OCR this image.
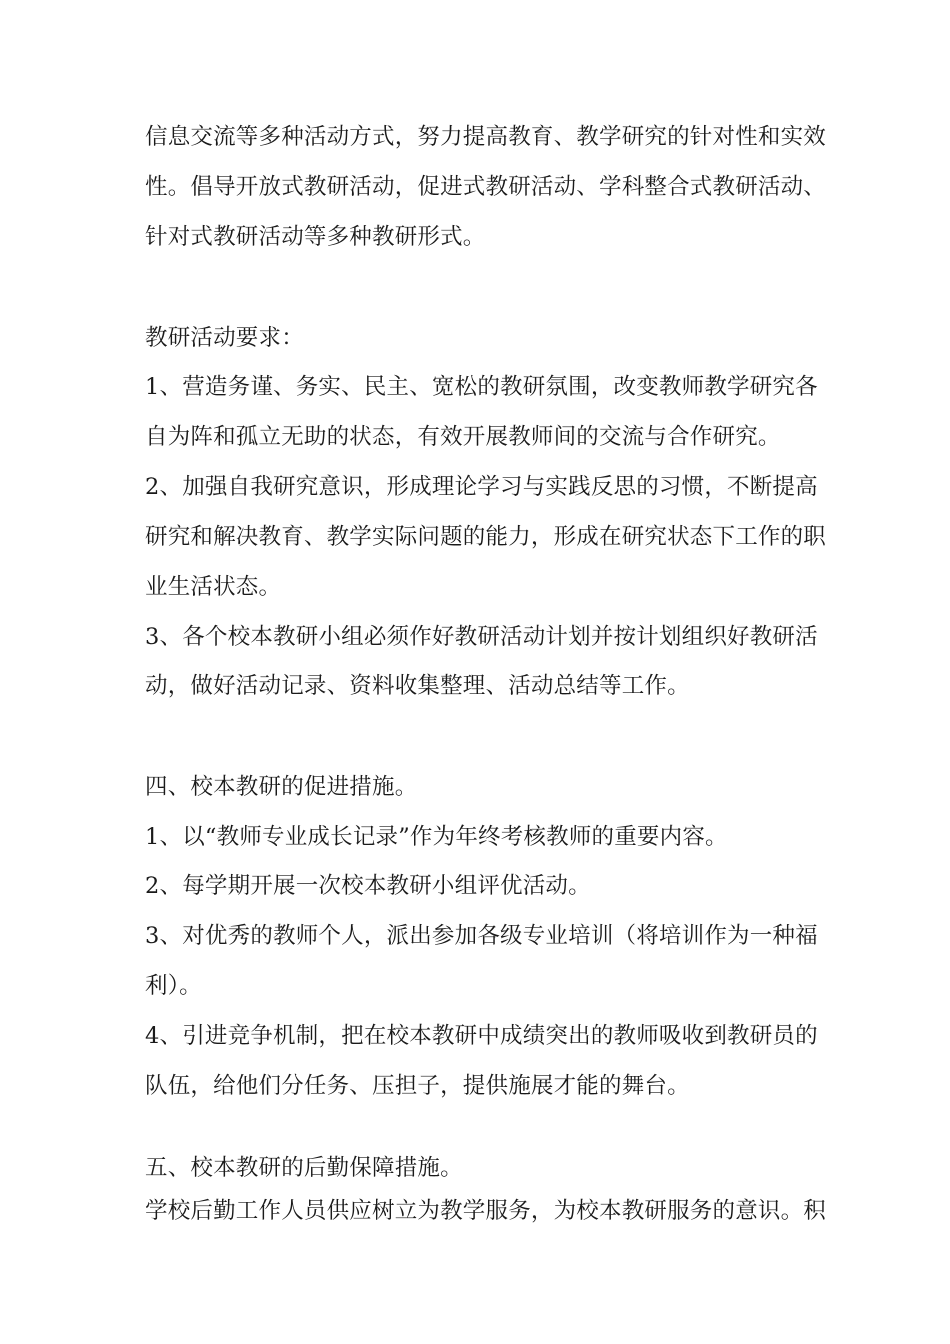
信息交流等多种活动方式，努力提高教育、教学研究的针对性和实效
性。倡导开放式教研活动，促进式教研活动、学科整合式教研活动、
针对式教研活动等多种教研形式。
教研活动要求：
1、营造务谨、务实、民主、宽松的教研氛围，改变教师教学研究各
自为阵和孤立无助的状态，有效开展教师间的交流与合作研究。
2、加强自我研究意识，形成理论学习与实践反思的习惯，不断提高
研究和解决教育、教学实际问题的能力，形成在研究状态下工作的职
业生活状态。
3、各个校本教研小组必须作好教研活动计划并按计划组织好教研活
动，做好活动记录、资料收集整理、活动总结等工作。
四、校本教研的促进措施。
1、以“教师专业成长记录”作为年终考核教师的重要内容。
2、每学期开展一次校本教研小组评优活动。
3、对优秀的教师个人，派出参加各级专业培训（将培训作为一种福
利）。
4、引进竞争机制，把在校本教研中成绩突出的教师吸收到教研员的
队伍，给他们分任务、压担子，提供施展才能的舞台。
五、校本教研的后勤保障措施。
学校后勤工作人员供应树立为教学服务，为校本教研服务的意识。积
